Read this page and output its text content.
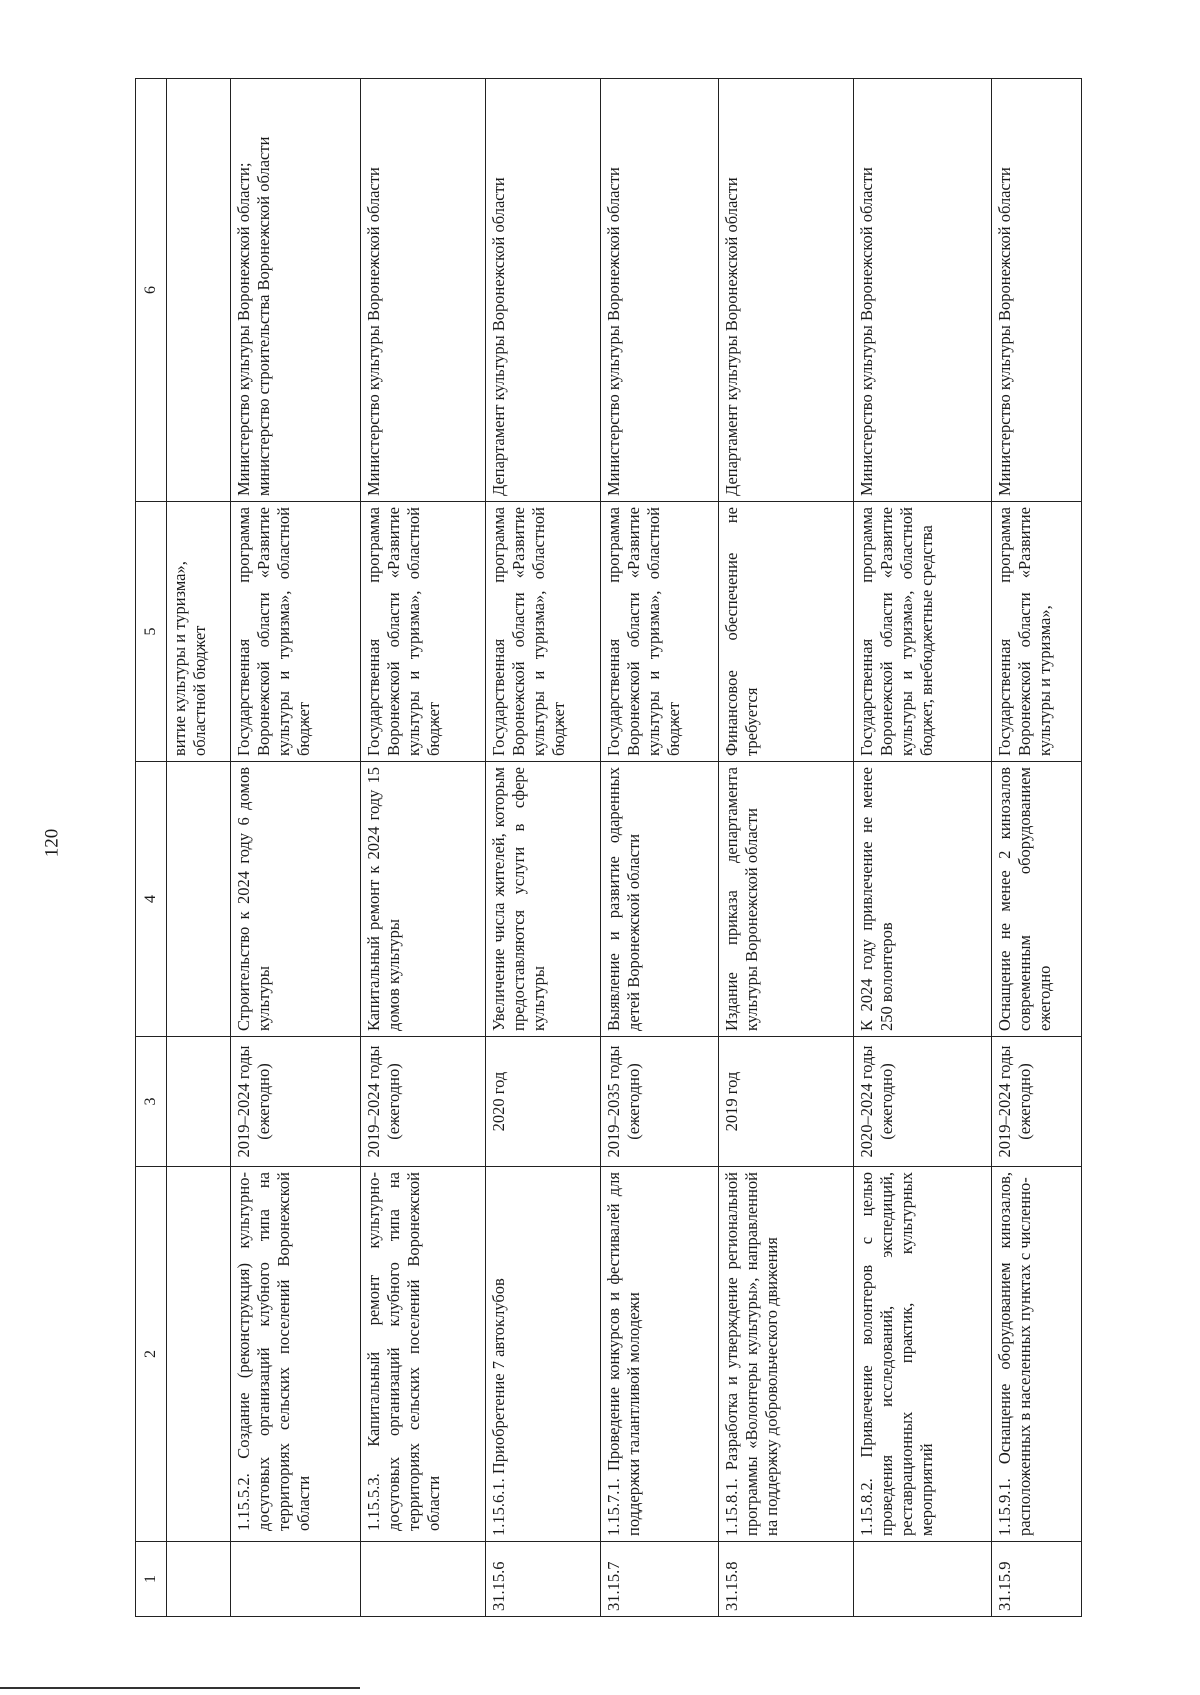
120
1	2	3	4	5	6
				витие культуры и туризма», областной бюджет	
	1.15.5.2. Создание (реконструкция) культурно-досуговых организаций клубного типа на территориях сельских поселений Воронежской области	2019–2024 годы (ежегодно)	Строительство к 2024 году 6 домов культуры	Государственная программа Воронежской области «Развитие культуры и туризма», областной бюджет	Министерство культуры Воронежской области; министерство строительства Воронежской области
	1.15.5.3. Капитальный ремонт культурно-досуговых организаций клубного типа на территориях сельских поселений Воронежской области	2019–2024 годы (ежегодно)	Капитальный ремонт к 2024 году 15 домов культуры	Государственная программа Воронежской области «Развитие культуры и туризма», областной бюджет	Министерство культуры Воронежской области
31.15.6	1.15.6.1. Приобретение 7 автоклубов	2020 год	Увеличение числа жителей, которым предоставляются услуги в сфере культуры	Государственная программа Воронежской области «Развитие культуры и туризма», областной бюджет	Департамент культуры Воронежской области
31.15.7	1.15.7.1. Проведение конкурсов и фестивалей для поддержки талантливой молодежи	2019–2035 годы (ежегодно)	Выявление и развитие одаренных детей Воронежской области	Государственная программа Воронежской области «Развитие культуры и туризма», областной бюджет	Министерство культуры Воронежской области
31.15.8	1.15.8.1. Разработка и утверждение региональной программы «Волонтеры культуры», направленной на поддержку добровольческого движения	2019 год	Издание приказа департамента культуры Воронежской области	Финансовое обеспечение не требуется	Департамент культуры Воронежской области
	1.15.8.2. Привлечение волонтеров с целью проведения исследований, экспедиций, реставрационных практик, культурных мероприятий	2020–2024 годы (ежегодно)	К 2024 году привлечение не менее 250 волонтеров	Государственная программа Воронежской области «Развитие культуры и туризма», областной бюджет, внебюджетные средства	Министерство культуры Воронежской области
31.15.9	1.15.9.1. Оснащение оборудованием кинозалов, расположенных в населенных пунктах с численно-	2019–2024 годы (ежегодно)	Оснащение не менее 2 кинозалов современным оборудованием ежегодно	Государственная программа Воронежской области «Развитие культуры и туризма»,	Министерство культуры Воронежской области
